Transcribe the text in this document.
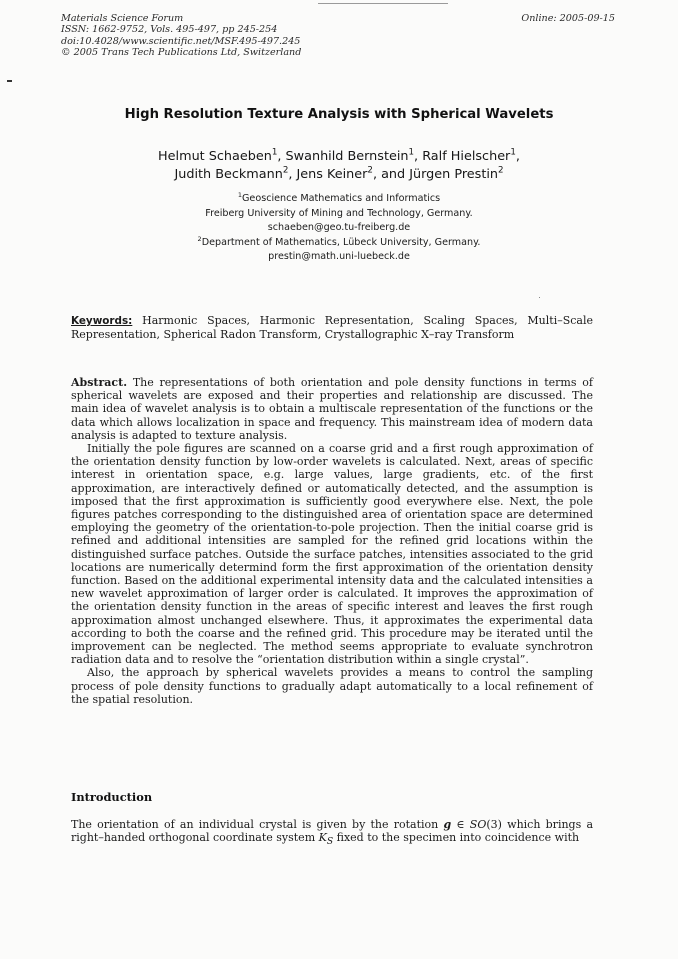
Materials Science Forum
ISSN: 1662-9752, Vols. 495-497, pp 245-254
doi:10.4028/www.scientific.net/MSF.495-497.245
© 2005 Trans Tech Publications Ltd, Switzerland
Online: 2005-09-15
High Resolution Texture Analysis with Spherical Wavelets
Helmut Schaeben$^1$, Swanhild Bernstein$^1$, Ralf Hielscher$^1$,
Judith Beckmann$^2$, Jens Keiner$^2$, and Jürgen Prestin$^2$
$^1$Geoscience Mathematics and Informatics
Freiberg University of Mining and Technology, Germany.
schaeben@geo.tu-freiberg.de
$^2$Department of Mathematics, Lübeck University, Germany.
prestin@math.uni-luebeck.de
Keywords: Harmonic Spaces, Harmonic Representation, Scaling Spaces, Multi–Scale Representation, Spherical Radon Transform, Crystallographic X–ray Transform
Abstract. The representations of both orientation and pole density functions in terms of spherical wavelets are exposed and their properties and relationship are discussed. The main idea of wavelet analysis is to obtain a multiscale representation of the functions or the data which allows localization in space and frequency. This mainstream idea of modern data analysis is adapted to texture analysis.
Initially the pole figures are scanned on a coarse grid and a first rough approximation of the orientation density function by low-order wavelets is calculated. Next, areas of specific interest in orientation space, e.g. large values, large gradients, etc. of the first approximation, are interactively defined or automatically detected, and the assumption is imposed that the first approximation is sufficiently good everywhere else. Next, the pole figures patches corresponding to the distinguished area of orientation space are determined employing the geometry of the orientation-to-pole projection. Then the initial coarse grid is refined and additional intensities are sampled for the refined grid locations within the distinguished surface patches. Outside the surface patches, intensities associated to the grid locations are numerically determind form the first approximation of the orientation density function. Based on the additional experimental intensity data and the calculated intensities a new wavelet approximation of larger order is calculated. It improves the approximation of the orientation density function in the areas of specific interest and leaves the first rough approximation almost unchanged elsewhere. Thus, it approximates the experimental data according to both the coarse and the refined grid. This procedure may be iterated until the improvement can be neglected. The method seems appropriate to evaluate synchrotron radiation data and to resolve the “orientation distribution within a single crystal”.
Also, the approach by spherical wavelets provides a means to control the sampling process of pole density functions to gradually adapt automatically to a local refinement of the spatial resolution.
Introduction
The orientation of an individual crystal is given by the rotation g ∈ SO(3) which brings a right–handed orthogonal coordinate system $K_S$ fixed to the specimen into coincidence with
